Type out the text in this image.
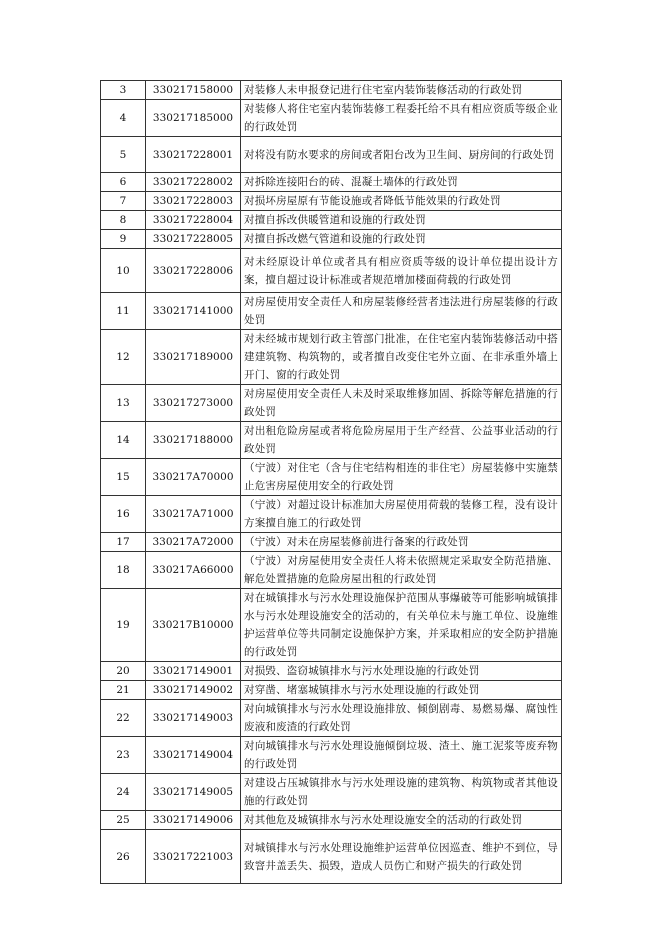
3	330217158000	对装修人未申报登记进行住宅室内装饰装修活动的行政处罚
4	330217185000	对装修人将住宅室内装饰装修工程委托给不具有相应资质等级企业的行政处罚
5	330217228001	对将没有防水要求的房间或者阳台改为卫生间、厨房间的行政处罚
6	330217228002	对拆除连接阳台的砖、混凝土墙体的行政处罚
7	330217228003	对损坏房屋原有节能设施或者降低节能效果的行政处罚
8	330217228004	对擅自拆改供暖管道和设施的行政处罚
9	330217228005	对擅自拆改燃气管道和设施的行政处罚
10	330217228006	对未经原设计单位或者具有相应资质等级的设计单位提出设计方案，擅自超过设计标准或者规范增加楼面荷载的行政处罚
11	330217141000	对房屋使用安全责任人和房屋装修经营者违法进行房屋装修的行政处罚
12	330217189000	对未经城市规划行政主管部门批准，在住宅室内装饰装修活动中搭建建筑物、构筑物的，或者擅自改变住宅外立面、在非承重外墙上开门、窗的行政处罚
13	330217273000	对房屋使用安全责任人未及时采取维修加固、拆除等解危措施的行政处罚
14	330217188000	对出租危险房屋或者将危险房屋用于生产经营、公益事业活动的行政处罚
15	330217A70000	（宁波）对住宅（含与住宅结构相连的非住宅）房屋装修中实施禁止危害房屋使用安全的行政处罚
16	330217A71000	（宁波）对超过设计标准加大房屋使用荷载的装修工程，没有设计方案擅自施工的行政处罚
17	330217A72000	（宁波）对未在房屋装修前进行备案的行政处罚
18	330217A66000	（宁波）对房屋使用安全责任人将未依照规定采取安全防范措施、解危处置措施的危险房屋出租的行政处罚
19	330217B10000	对在城镇排水与污水处理设施保护范围从事爆破等可能影响城镇排水与污水处理设施安全的活动的，有关单位未与施工单位、设施维护运营单位等共同制定设施保护方案，并采取相应的安全防护措施的行政处罚
20	330217149001	对损毁、盗窃城镇排水与污水处理设施的行政处罚
21	330217149002	对穿凿、堵塞城镇排水与污水处理设施的行政处罚
22	330217149003	对向城镇排水与污水处理设施排放、倾倒剧毒、易燃易爆、腐蚀性废液和废渣的行政处罚
23	330217149004	对向城镇排水与污水处理设施倾倒垃圾、渣土、施工泥浆等废弃物的行政处罚
24	330217149005	对建设占压城镇排水与污水处理设施的建筑物、构筑物或者其他设施的行政处罚
25	330217149006	对其他危及城镇排水与污水处理设施安全的活动的行政处罚
26	330217221003	对城镇排水与污水处理设施维护运营单位因巡查、维护不到位，导致窨井盖丢失、损毁，造成人员伤亡和财产损失的行政处罚
